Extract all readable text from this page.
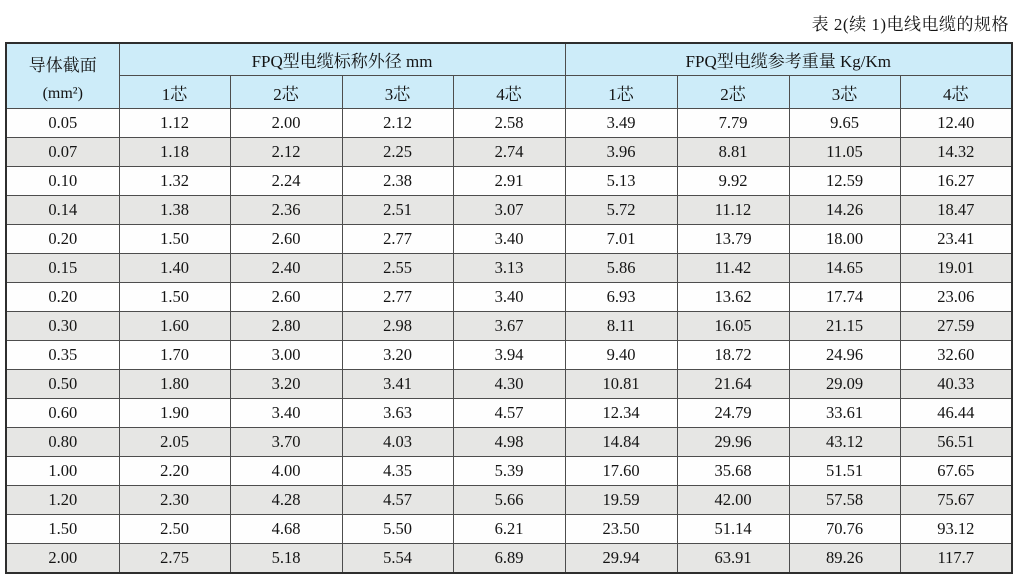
表 2(续 1)电线电缆的规格
导体截面
(mm²)	FPQ型电缆标称外径 mm				FPQ型电缆参考重量 Kg/Km			
	1芯	2芯	3芯	4芯	1芯	2芯	3芯	4芯
0.05	1.12	2.00	2.12	2.58	3.49	7.79	9.65	12.40
0.07	1.18	2.12	2.25	2.74	3.96	8.81	11.05	14.32
0.10	1.32	2.24	2.38	2.91	5.13	9.92	12.59	16.27
0.14	1.38	2.36	2.51	3.07	5.72	11.12	14.26	18.47
0.20	1.50	2.60	2.77	3.40	7.01	13.79	18.00	23.41
0.15	1.40	2.40	2.55	3.13	5.86	11.42	14.65	19.01
0.20	1.50	2.60	2.77	3.40	6.93	13.62	17.74	23.06
0.30	1.60	2.80	2.98	3.67	8.11	16.05	21.15	27.59
0.35	1.70	3.00	3.20	3.94	9.40	18.72	24.96	32.60
0.50	1.80	3.20	3.41	4.30	10.81	21.64	29.09	40.33
0.60	1.90	3.40	3.63	4.57	12.34	24.79	33.61	46.44
0.80	2.05	3.70	4.03	4.98	14.84	29.96	43.12	56.51
1.00	2.20	4.00	4.35	5.39	17.60	35.68	51.51	67.65
1.20	2.30	4.28	4.57	5.66	19.59	42.00	57.58	75.67
1.50	2.50	4.68	5.50	6.21	23.50	51.14	70.76	93.12
2.00	2.75	5.18	5.54	6.89	29.94	63.91	89.26	117.7
